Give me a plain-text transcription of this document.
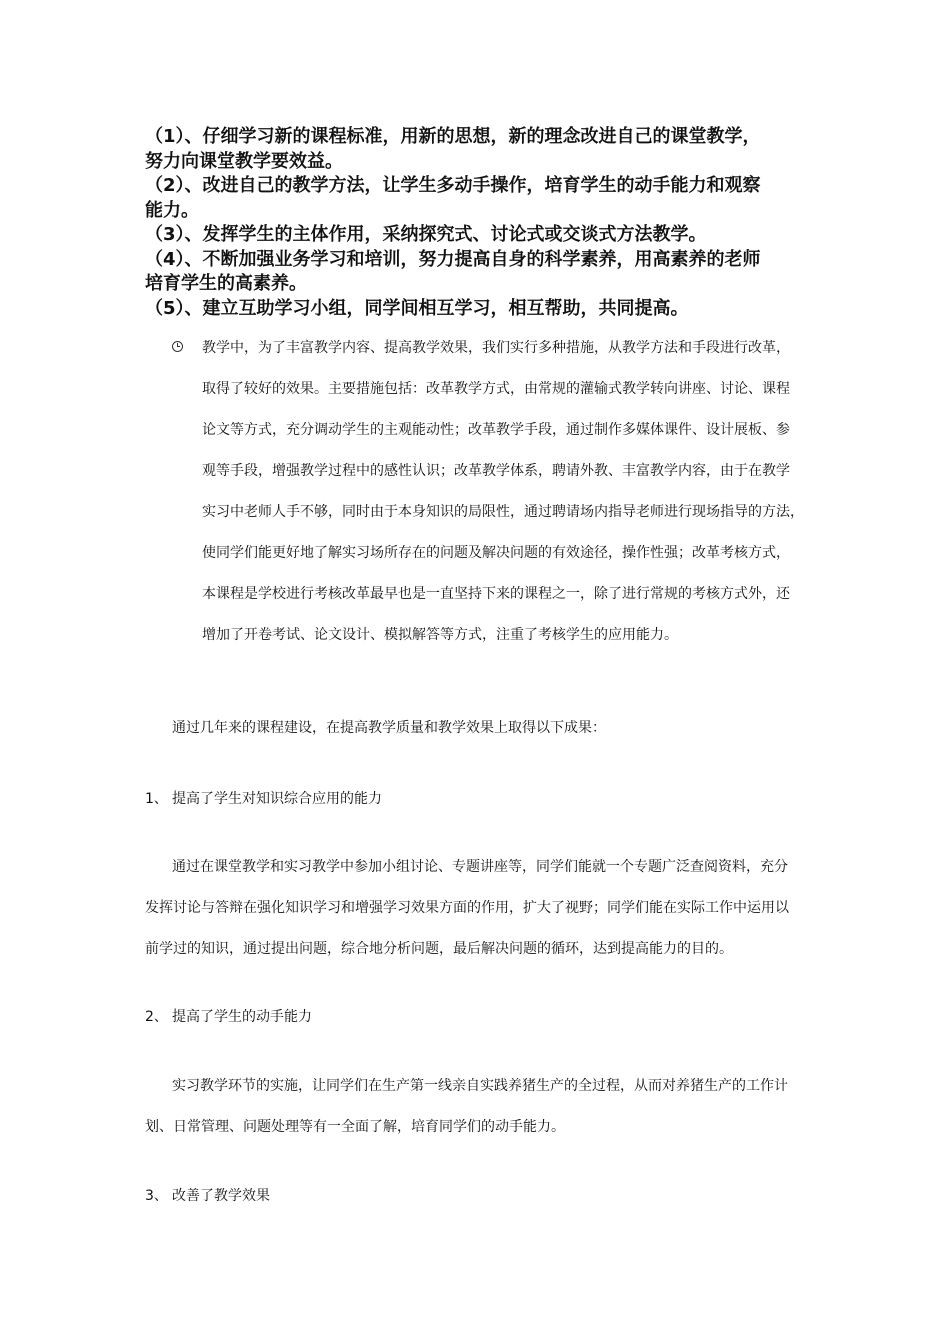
（1）、仔细学习新的课程标准，用新的思想，新的理念改进自己的课堂教学，

努力向课堂教学要效益。

（2）、改进自己的教学方法，让学生多动手操作，培育学生的动手能力和观察

能力。

（3）、发挥学生的主体作用，采纳探究式、讨论式或交谈式方法教学。

（4）、不断加强业务学习和培训，努力提高自身的科学素养，用高素养的老师

培育学生的高素养。

（5）、建立互助学习小组，同学间相互学习，相互帮助，共同提高。

教学中，为了丰富教学内容、提高教学效果，我们实行多种措施，从教学方法和手段进行改革，
取得了较好的效果。主要措施包括：改革教学方式，由常规的灌输式教学转向讲座、讨论、课程
论文等方式，充分调动学生的主观能动性；改革教学手段，通过制作多媒体课件、设计展板、参
观等手段，增强教学过程中的感性认识；改革教学体系，聘请外教、丰富教学内容，由于在教学
实习中老师人手不够，同时由于本身知识的局限性，通过聘请场内指导老师进行现场指导的方法，
使同学们能更好地了解实习场所存在的问题及解决问题的有效途径，操作性强；改革考核方式，
本课程是学校进行考核改革最早也是一直坚持下来的课程之一，除了进行常规的考核方式外，还
增加了开卷考试、论文设计、模拟解答等方式，注重了考核学生的应用能力。
通过几年来的课程建设，在提高教学质量和教学效果上取得以下成果：
1、 提高了学生对知识综合应用的能力
通过在课堂教学和实习教学中参加小组讨论、专题讲座等，同学们能就一个专题广泛查阅资料，充分
发挥讨论与答辩在强化知识学习和增强学习效果方面的作用，扩大了视野；同学们能在实际工作中运用以
前学过的知识，通过提出问题，综合地分析问题，最后解决问题的循环，达到提高能力的目的。
2、 提高了学生的动手能力
实习教学环节的实施，让同学们在生产第一线亲自实践养猪生产的全过程，从而对养猪生产的工作计
划、日常管理、问题处理等有一全面了解，培育同学们的动手能力。
3、 改善了教学效果
